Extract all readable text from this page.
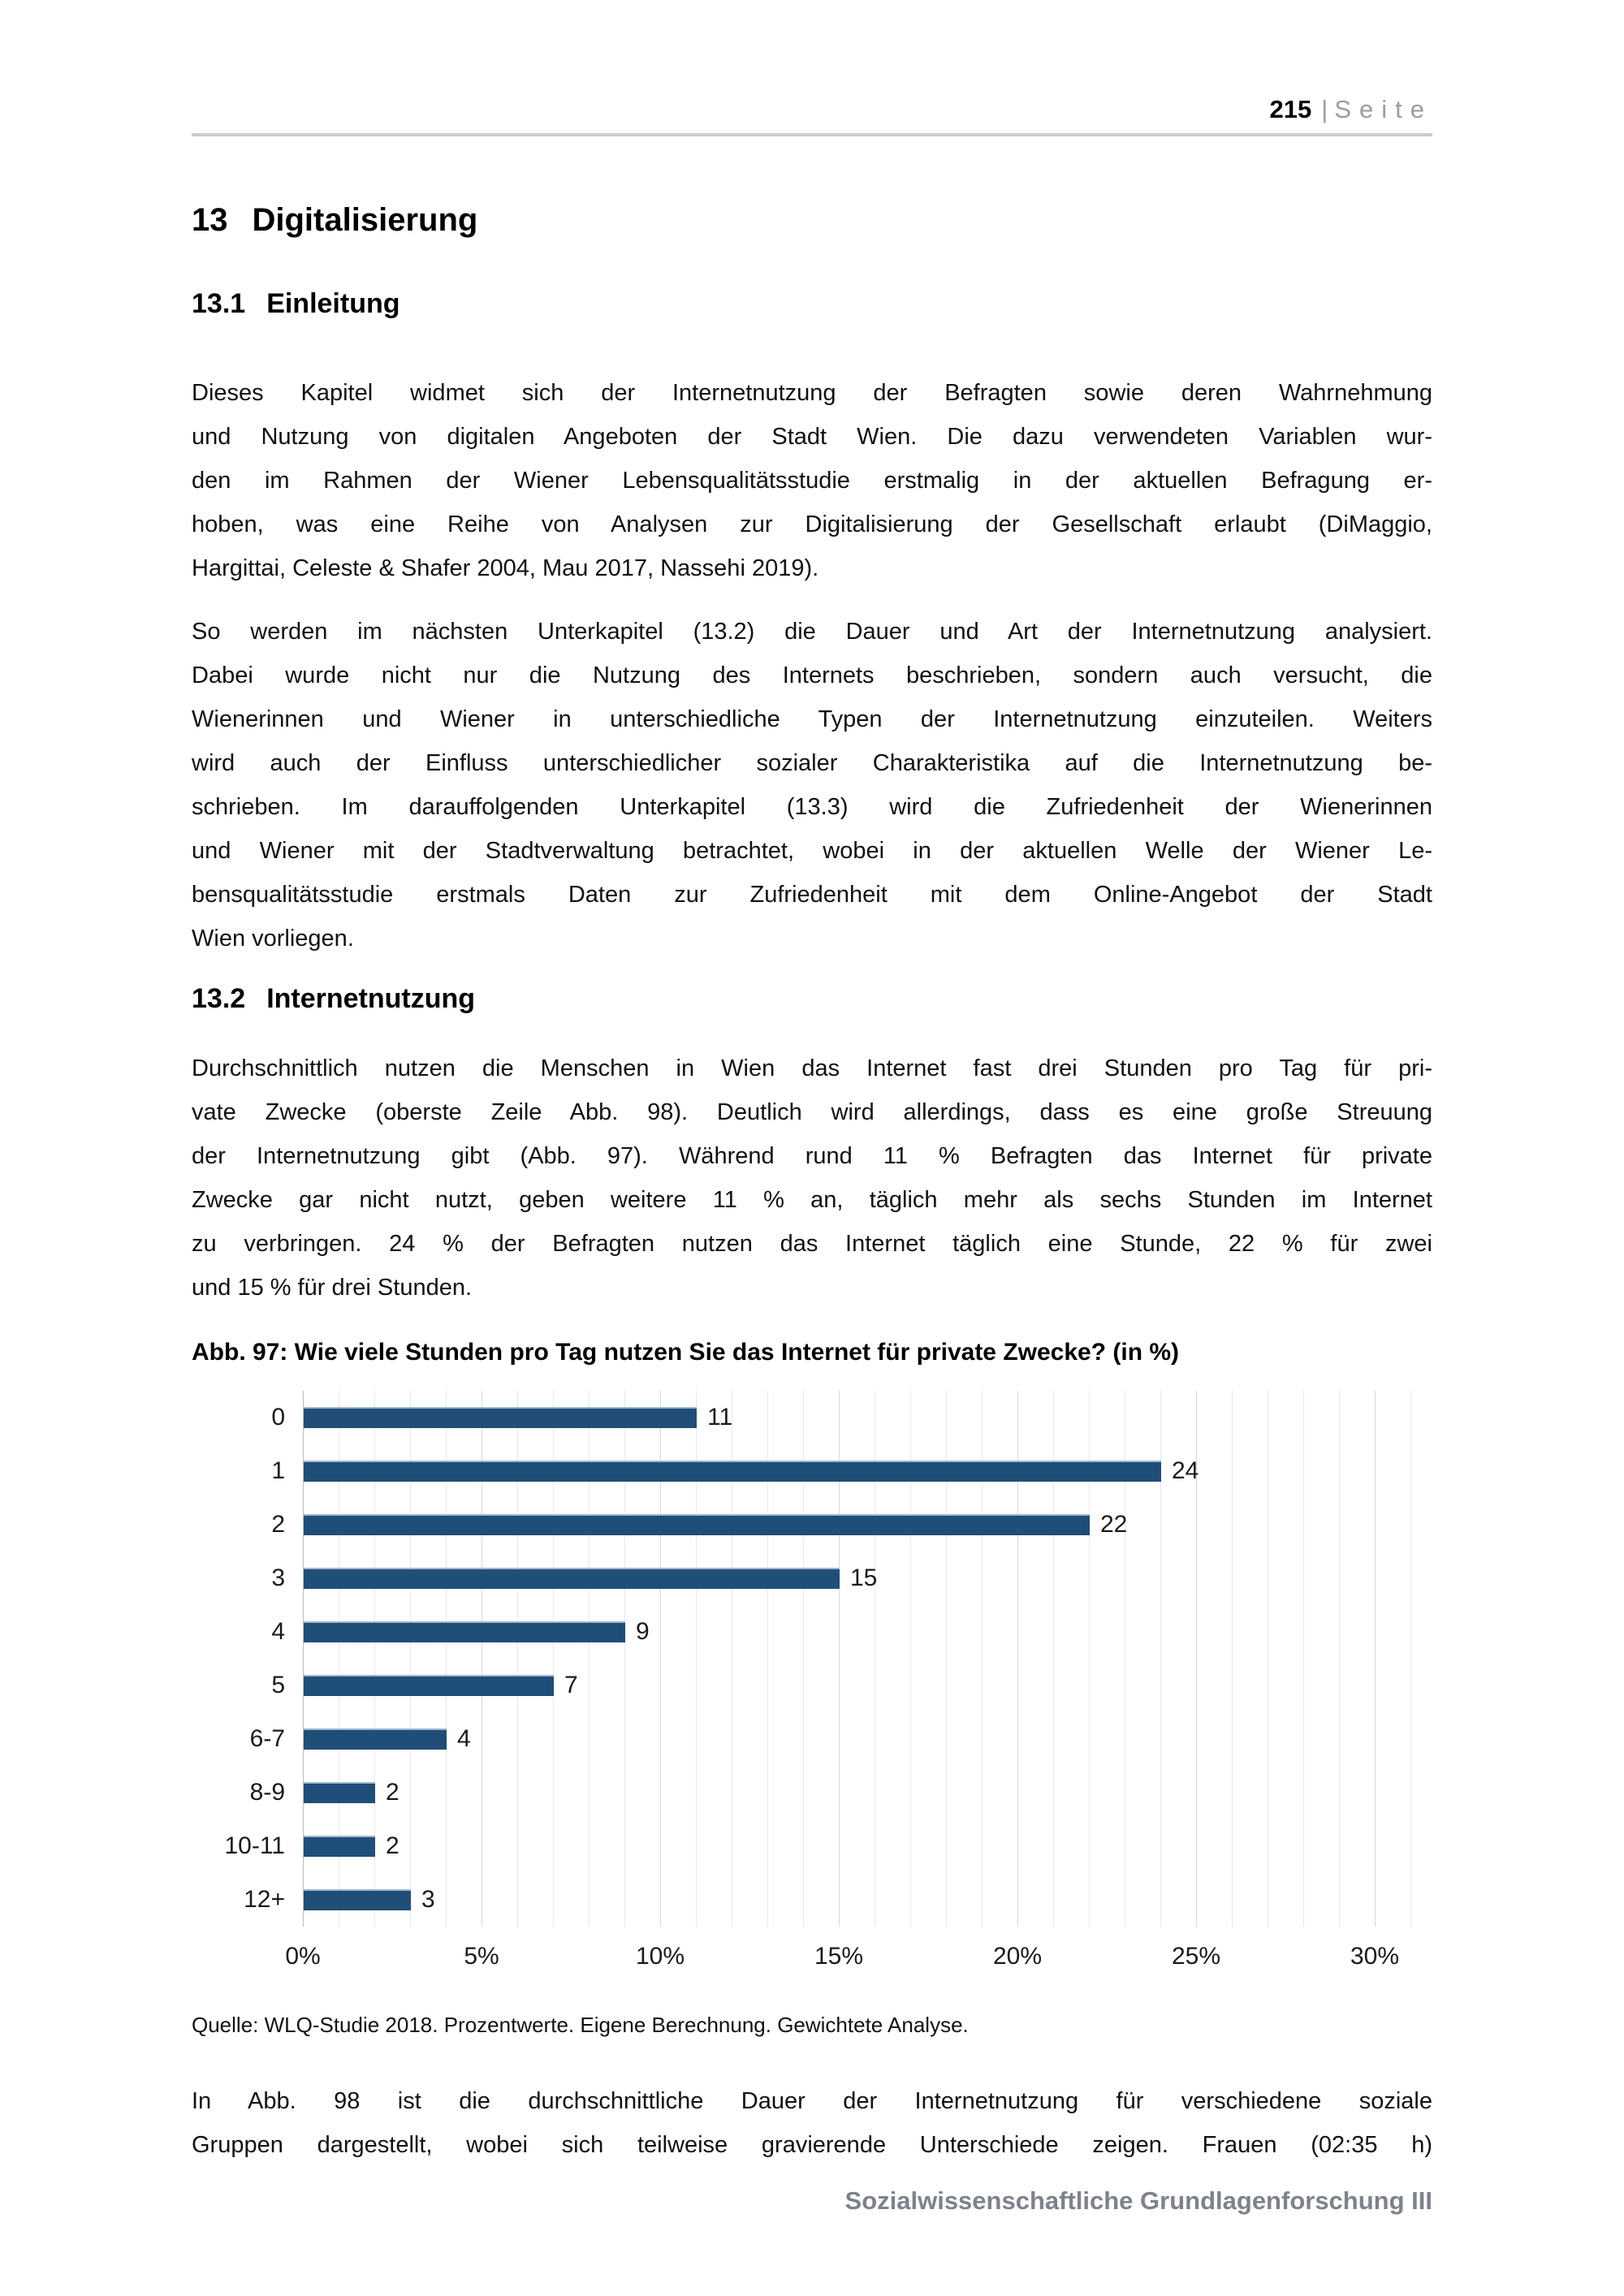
215 | Seite
13 Digitalisierung
13.1 Einleitung
Dieses Kapitel widmet sich der Internetnutzung der Befragten sowie deren Wahrnehmung
und Nutzung von digitalen Angeboten der Stadt Wien. Die dazu verwendeten Variablen wur-
den im Rahmen der Wiener Lebensqualitätsstudie erstmalig in der aktuellen Befragung er-
hoben, was eine Reihe von Analysen zur Digitalisierung der Gesellschaft erlaubt (DiMaggio,
Hargittai, Celeste & Shafer 2004, Mau 2017, Nassehi 2019).
So werden im nächsten Unterkapitel (13.2) die Dauer und Art der Internetnutzung analysiert.
Dabei wurde nicht nur die Nutzung des Internets beschrieben, sondern auch versucht, die
Wienerinnen und Wiener in unterschiedliche Typen der Internetnutzung einzuteilen. Weiters
wird auch der Einfluss unterschiedlicher sozialer Charakteristika auf die Internetnutzung be-
schrieben. Im darauffolgenden Unterkapitel (13.3) wird die Zufriedenheit der Wienerinnen
und Wiener mit der Stadtverwaltung betrachtet, wobei in der aktuellen Welle der Wiener Le-
bensqualitätsstudie erstmals Daten zur Zufriedenheit mit dem Online-Angebot der Stadt
Wien vorliegen.
13.2 Internetnutzung
Durchschnittlich nutzen die Menschen in Wien das Internet fast drei Stunden pro Tag für pri-
vate Zwecke (oberste Zeile Abb. 98). Deutlich wird allerdings, dass es eine große Streuung
der Internetnutzung gibt (Abb. 97). Während rund 11 % Befragten das Internet für private
Zwecke gar nicht nutzt, geben weitere 11 % an, täglich mehr als sechs Stunden im Internet
zu verbringen. 24 % der Befragten nutzen das Internet täglich eine Stunde, 22 % für zwei
und 15 % für drei Stunden.
Abb. 97: Wie viele Stunden pro Tag nutzen Sie das Internet für private Zwecke? (in %)
11
24
22
15
9
7
4
2
2
3
0
1
2
3
4
5
6-7
8-9
10-11
12+
0%	5%	10%	15%	20%	25%	30%
Quelle: WLQ-Studie 2018. Prozentwerte. Eigene Berechnung. Gewichtete Analyse.
In Abb. 98 ist die durchschnittliche Dauer der Internetnutzung für verschiedene soziale
Gruppen dargestellt, wobei sich teilweise gravierende Unterschiede zeigen. Frauen (02:35 h)
Sozialwissenschaftliche Grundlagenforschung III
